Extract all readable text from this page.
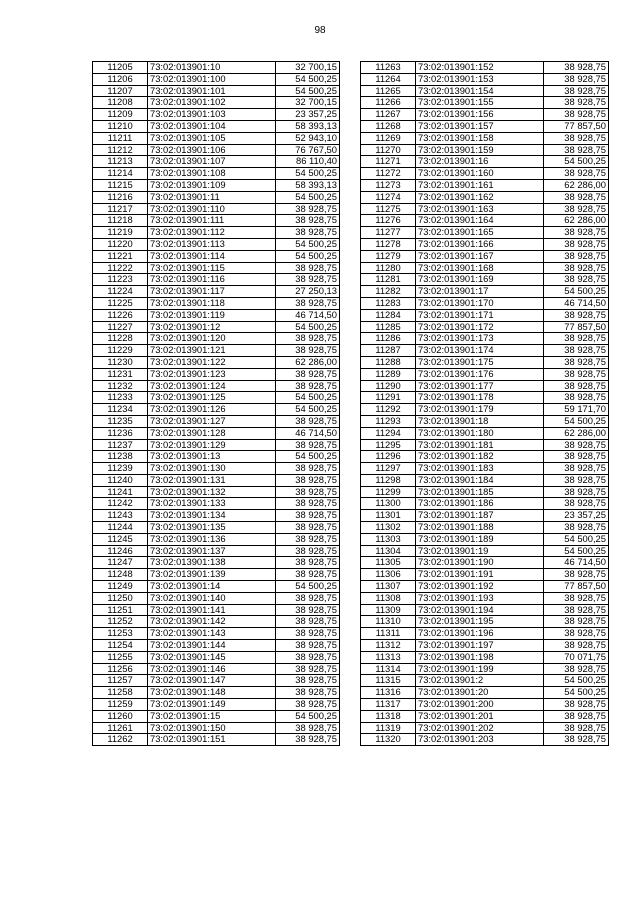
98
11205	73:02:013901:10	32 700,15
11206	73:02:013901:100	54 500,25
11207	73:02:013901:101	54 500,25
11208	73:02:013901:102	32 700,15
11209	73:02:013901:103	23 357,25
11210	73:02:013901:104	58 393,13
11211	73:02:013901:105	52 943,10
11212	73:02:013901:106	76 767,50
11213	73:02:013901:107	86 110,40
11214	73:02:013901:108	54 500,25
11215	73:02:013901:109	58 393,13
11216	73:02:013901:11	54 500,25
11217	73:02:013901:110	38 928,75
11218	73:02:013901:111	38 928,75
11219	73:02:013901:112	38 928,75
11220	73:02:013901:113	54 500,25
11221	73:02:013901:114	54 500,25
11222	73:02:013901:115	38 928,75
11223	73:02:013901:116	38 928,75
11224	73:02:013901:117	27 250,13
11225	73:02:013901:118	38 928,75
11226	73:02:013901:119	46 714,50
11227	73:02:013901:12	54 500,25
11228	73:02:013901:120	38 928,75
11229	73:02:013901:121	38 928,75
11230	73:02:013901:122	62 286,00
11231	73:02:013901:123	38 928,75
11232	73:02:013901:124	38 928,75
11233	73:02:013901:125	54 500,25
11234	73:02:013901:126	54 500,25
11235	73:02:013901:127	38 928,75
11236	73:02:013901:128	46 714,50
11237	73:02:013901:129	38 928,75
11238	73:02:013901:13	54 500,25
11239	73:02:013901:130	38 928,75
11240	73:02:013901:131	38 928,75
11241	73:02:013901:132	38 928,75
11242	73:02:013901:133	38 928,75
11243	73:02:013901:134	38 928,75
11244	73:02:013901:135	38 928,75
11245	73:02:013901:136	38 928,75
11246	73:02:013901:137	38 928,75
11247	73:02:013901:138	38 928,75
11248	73:02:013901:139	38 928,75
11249	73:02:013901:14	54 500,25
11250	73:02:013901:140	38 928,75
11251	73:02:013901:141	38 928,75
11252	73:02:013901:142	38 928,75
11253	73:02:013901:143	38 928,75
11254	73:02:013901:144	38 928,75
11255	73:02:013901:145	38 928,75
11256	73:02:013901:146	38 928,75
11257	73:02:013901:147	38 928,75
11258	73:02:013901:148	38 928,75
11259	73:02:013901:149	38 928,75
11260	73:02:013901:15	54 500,25
11261	73:02:013901:150	38 928,75
11262	73:02:013901:151	38 928,75
11263	73:02:013901:152	38 928,75
11264	73:02:013901:153	38 928,75
11265	73:02:013901:154	38 928,75
11266	73:02:013901:155	38 928,75
11267	73:02:013901:156	38 928,75
11268	73:02:013901:157	77 857,50
11269	73:02:013901:158	38 928,75
11270	73:02:013901:159	38 928,75
11271	73:02:013901:16	54 500,25
11272	73:02:013901:160	38 928,75
11273	73:02:013901:161	62 286,00
11274	73:02:013901:162	38 928,75
11275	73:02:013901:163	38 928,75
11276	73:02:013901:164	62 286,00
11277	73:02:013901:165	38 928,75
11278	73:02:013901:166	38 928,75
11279	73:02:013901:167	38 928,75
11280	73:02:013901:168	38 928,75
11281	73:02:013901:169	38 928,75
11282	73:02:013901:17	54 500,25
11283	73:02:013901:170	46 714,50
11284	73:02:013901:171	38 928,75
11285	73:02:013901:172	77 857,50
11286	73:02:013901:173	38 928,75
11287	73:02:013901:174	38 928,75
11288	73:02:013901:175	38 928,75
11289	73:02:013901:176	38 928,75
11290	73:02:013901:177	38 928,75
11291	73:02:013901:178	38 928,75
11292	73:02:013901:179	59 171,70
11293	73:02:013901:18	54 500,25
11294	73:02:013901:180	62 286,00
11295	73:02:013901:181	38 928,75
11296	73:02:013901:182	38 928,75
11297	73:02:013901:183	38 928,75
11298	73:02:013901:184	38 928,75
11299	73:02:013901:185	38 928,75
11300	73:02:013901:186	38 928,75
11301	73:02:013901:187	23 357,25
11302	73:02:013901:188	38 928,75
11303	73:02:013901:189	54 500,25
11304	73:02:013901:19	54 500,25
11305	73:02:013901:190	46 714,50
11306	73:02:013901:191	38 928,75
11307	73:02:013901:192	77 857,50
11308	73:02:013901:193	38 928,75
11309	73:02:013901:194	38 928,75
11310	73:02:013901:195	38 928,75
11311	73:02:013901:196	38 928,75
11312	73:02:013901:197	38 928,75
11313	73:02:013901:198	70 071,75
11314	73:02:013901:199	38 928,75
11315	73:02:013901:2	54 500,25
11316	73:02:013901:20	54 500,25
11317	73:02:013901:200	38 928,75
11318	73:02:013901:201	38 928,75
11319	73:02:013901:202	38 928,75
11320	73:02:013901:203	38 928,75
